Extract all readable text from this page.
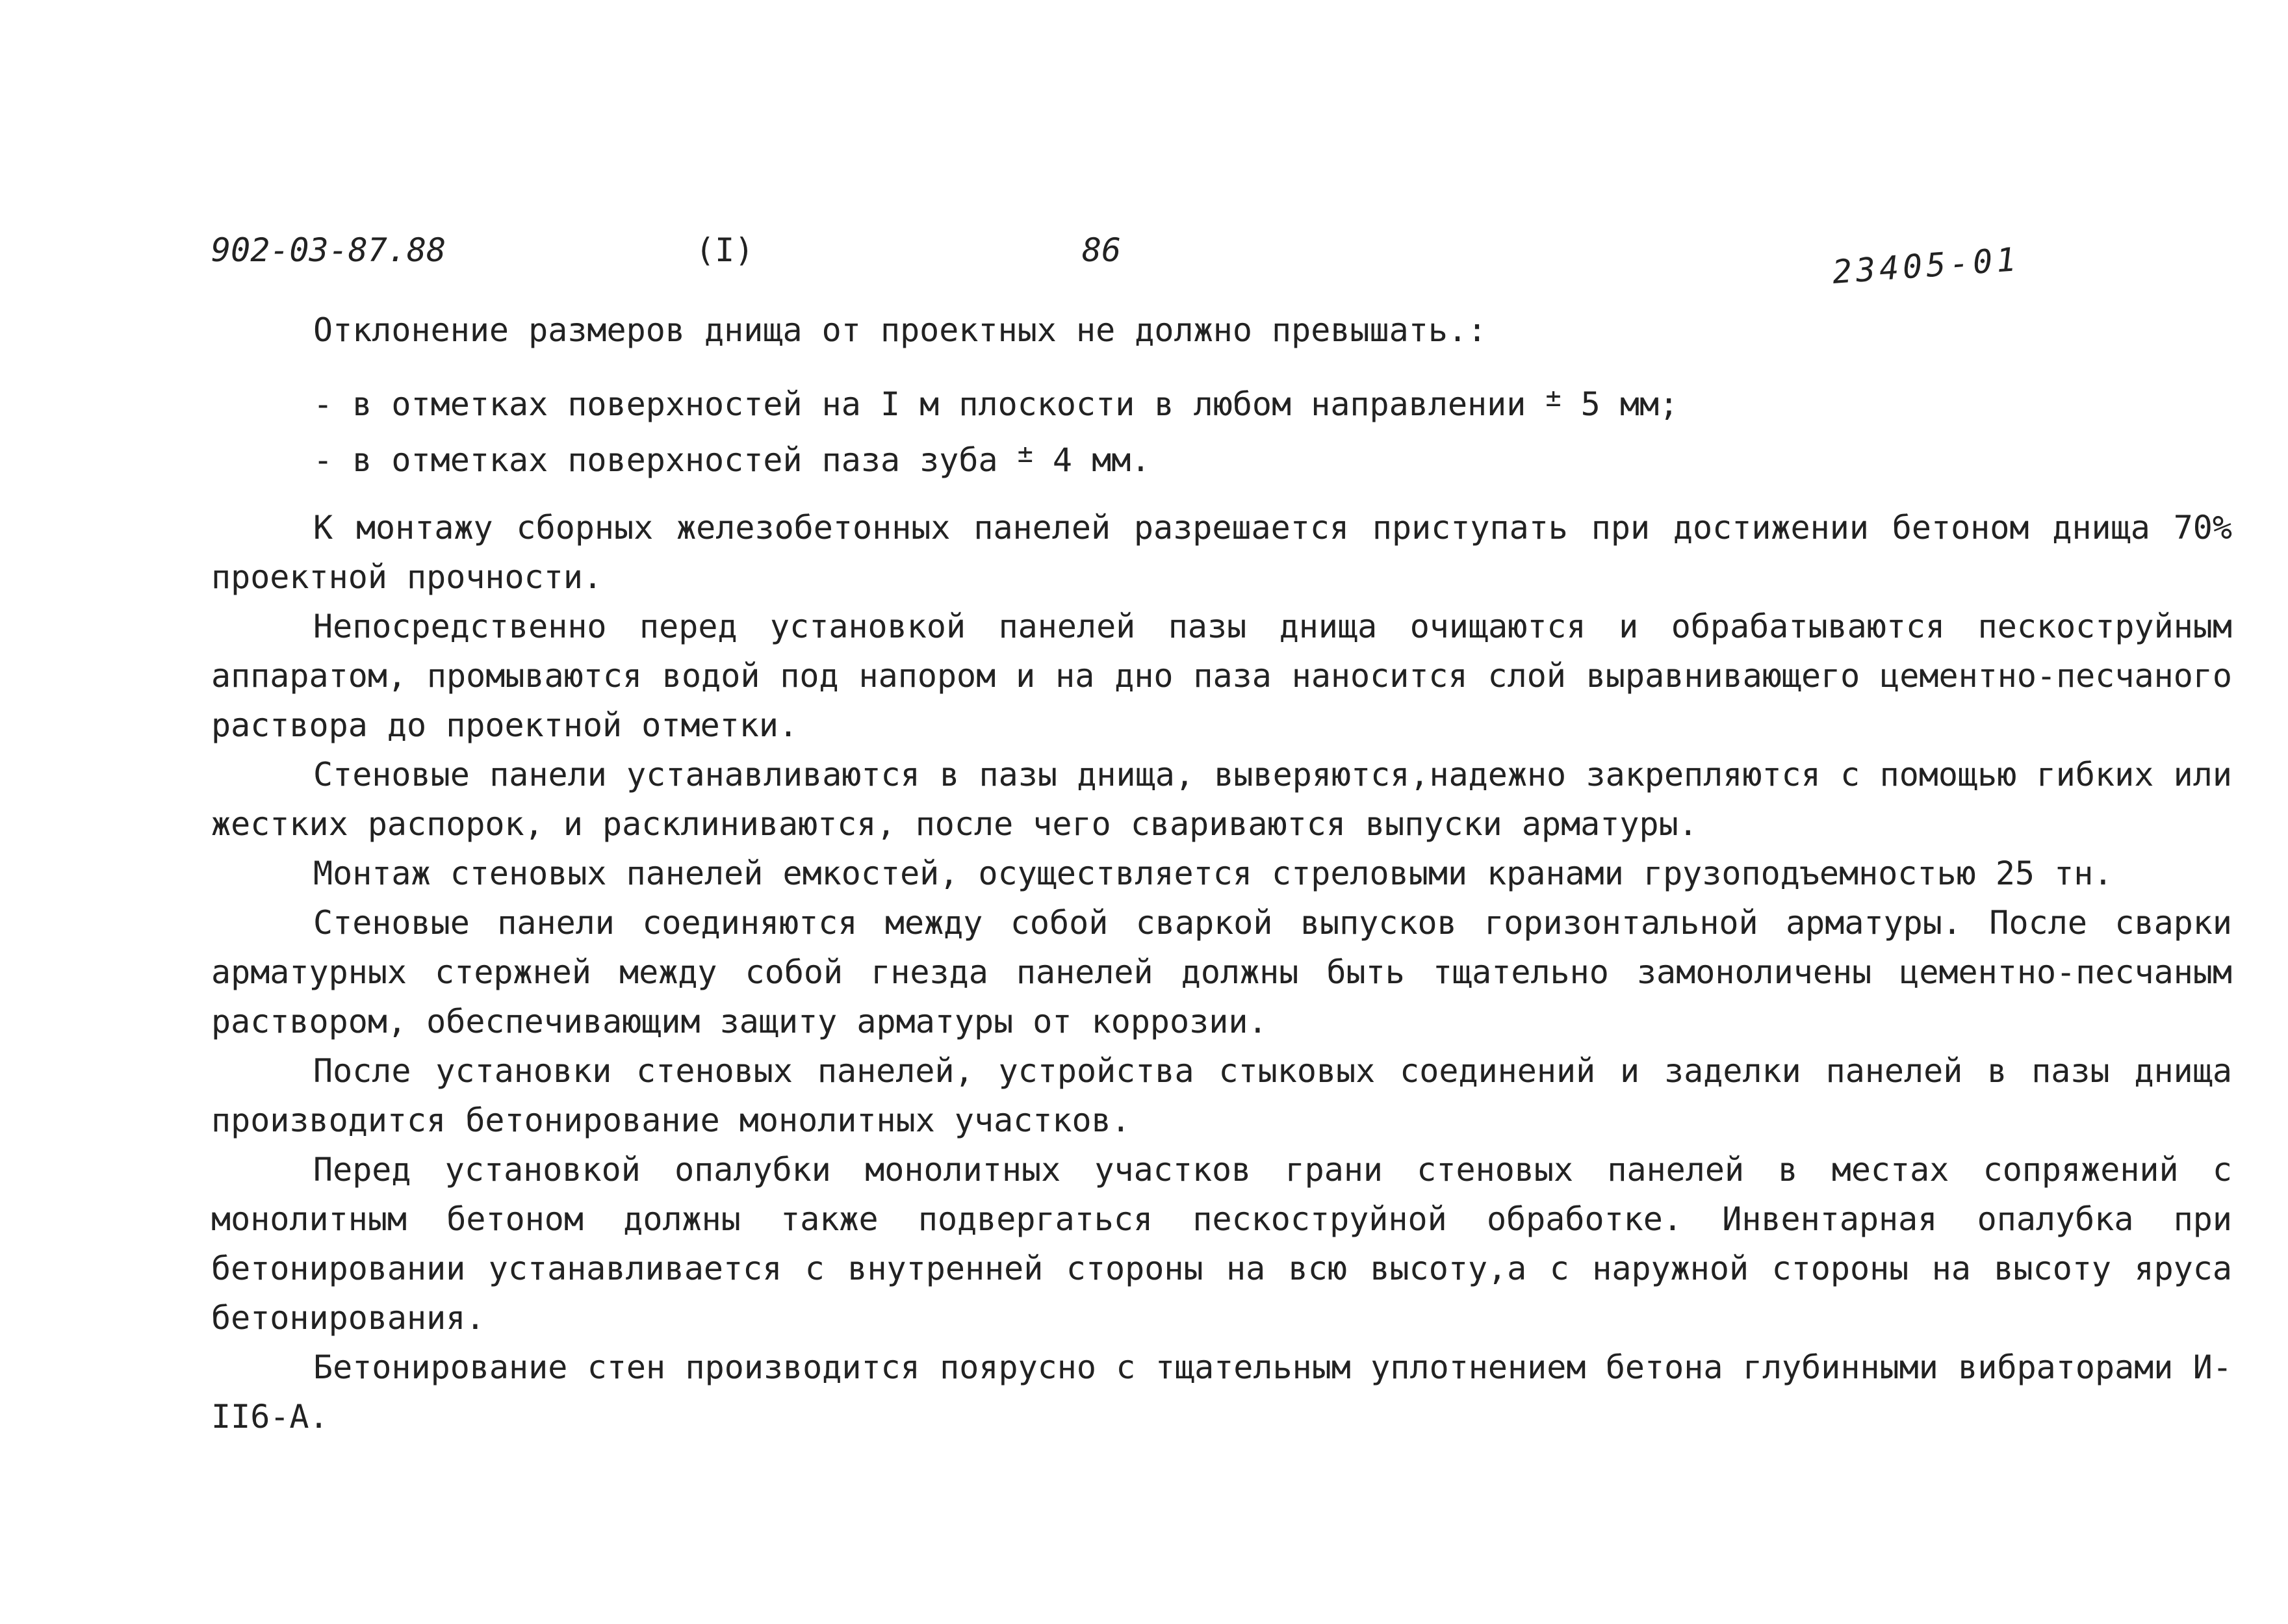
902-03-87.88	(I)	86	23405-01

Отклонение размеров днища от проектных не должно превышать.:

- в отметках поверхностей на I м плоскости в любом направлении ± 5 мм;

- в отметках поверхностей паза зуба ± 4 мм.

К монтажу сборных железобетонных панелей разрешается приступать при достижении бетоном днища 70% проектной прочности.

Непосредственно перед установкой панелей пазы днища очищаются и обрабатываются пескоструйным аппаратом, промываются водой под напором и на дно паза наносится слой выравнивающего цементно-песчаного раствора до проектной отметки.

Стеновые панели устанавливаются в пазы днища, выверяются,надежно закрепляются с помощью гибких или жестких распорок, и расклиниваются, после чего свариваются выпуски арматуры.

Монтаж стеновых панелей емкостей, осуществляется стреловыми кранами грузоподъемностью 25 тн.

Стеновые панели соединяются между собой сваркой выпусков горизонтальной арматуры. После сварки арматурных стержней между собой гнезда панелей должны быть тщательно замоноличены цементно-песчаным раствором, обеспечивающим защиту арматуры от коррозии.

После установки стеновых панелей, устройства стыковых соединений и заделки панелей в пазы днища производится бетонирование монолитных участков.

Перед установкой опалубки монолитных участков грани стеновых панелей в местах сопряжений с монолитным бетоном должны также подвергаться пескоструйной обработке. Инвентарная опалубка при бетонировании устанавливается с внутренней стороны на всю высоту,а с наружной стороны на высоту яруса бетонирования.

Бетонирование стен производится поярусно с тщательным уплотнением бетона глубинными вибраторами И-II6-А.
